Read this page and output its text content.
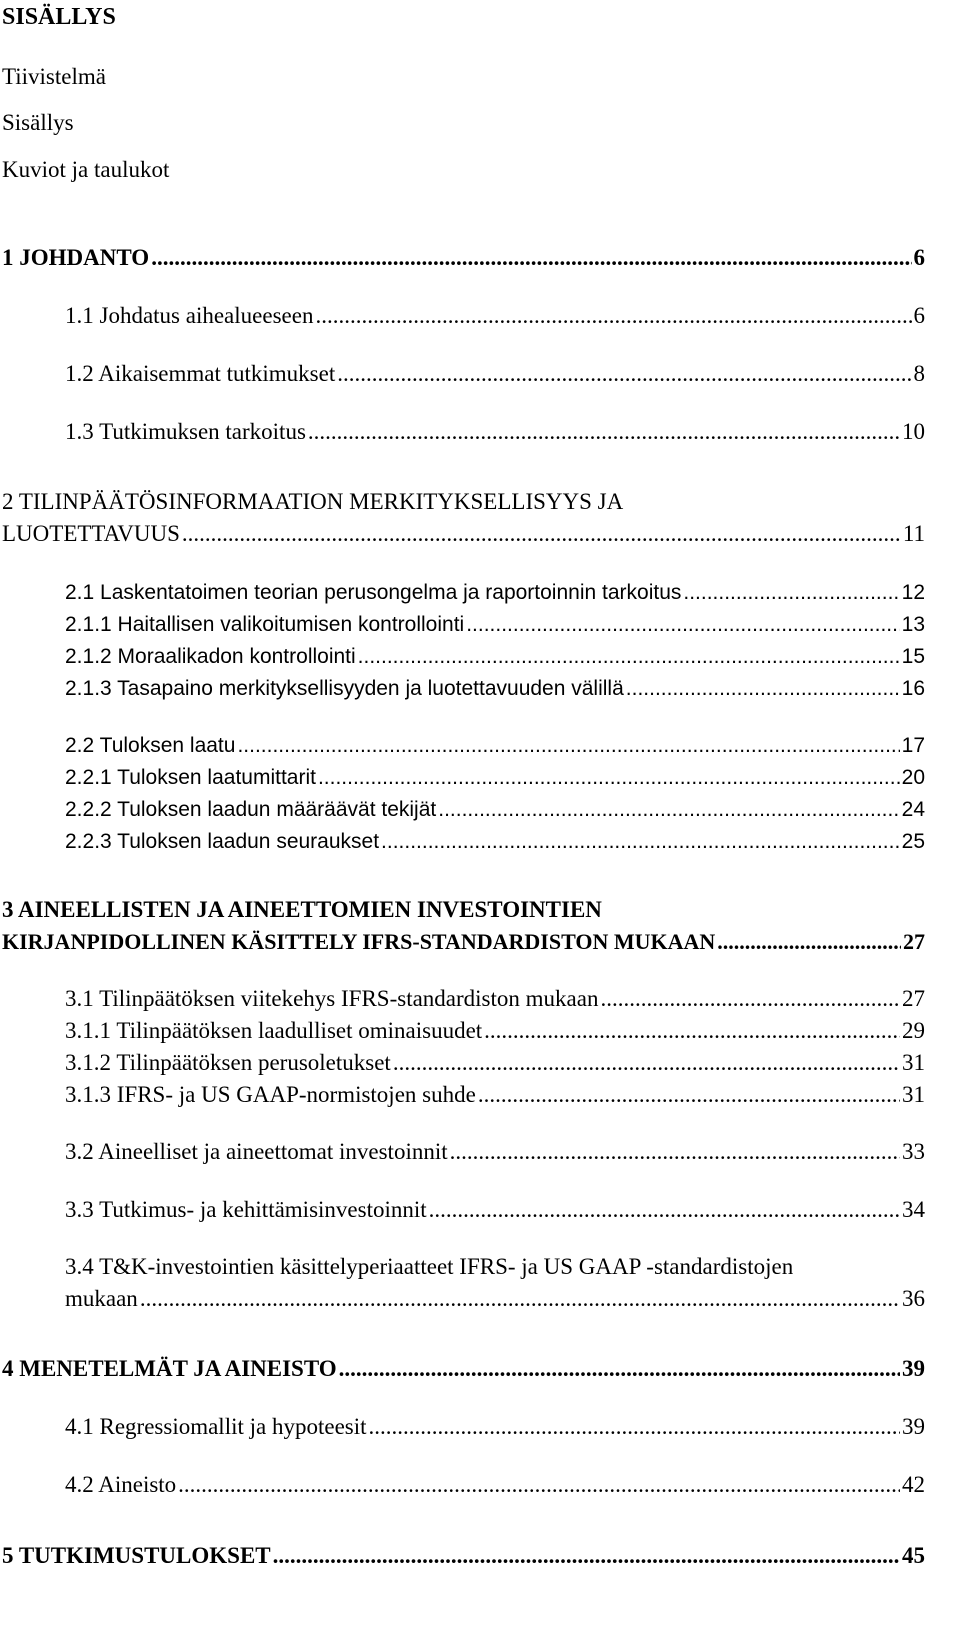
SISÄLLYS
Tiivistelmä
Sisällys
Kuviot ja taulukot
1 JOHDANTO .....	6
1.1 Johdatus aihealueeseen .....	6
1.2 Aikaisemmat tutkimukset .....	8
1.3 Tutkimuksen tarkoitus .....	10
2 TILINPÄÄTÖSINFORMAATION MERKITYKSELLISYYS JA
LUOTETTAVUUS .....	11
2.1 Laskentatoimen teorian perusongelma ja raportoinnin tarkoitus .....	12
2.1.1 Haitallisen valikoitumisen kontrollointi .....	13
2.1.2 Moraalikadon kontrollointi .....	15
2.1.3 Tasapaino merkityksellisyyden ja luotettavuuden välillä .....	16
2.2 Tuloksen laatu .....	17
2.2.1 Tuloksen laatumittarit .....	20
2.2.2 Tuloksen laadun määräävät tekijät .....	24
2.2.3 Tuloksen laadun seuraukset .....	25
3 AINEELLISTEN JA AINEETTOMIEN INVESTOINTIEN
KIRJANPIDOLLINEN KÄSITTELY IFRS-STANDARDISTON MUKAAN .....	27
3.1 Tilinpäätöksen viitekehys IFRS-standardiston mukaan .....	27
3.1.1 Tilinpäätöksen laadulliset ominaisuudet .....	29
3.1.2 Tilinpäätöksen perusoletukset .....	31
3.1.3 IFRS- ja US GAAP-normistojen suhde .....	31
3.2 Aineelliset ja aineettomat investoinnit .....	33
3.3 Tutkimus- ja kehittämisinvestoinnit .....	34
3.4 T&K-investointien käsittelyperiaatteet IFRS- ja US GAAP -standardistojen
mukaan .....	36
4 MENETELMÄT JA AINEISTO .....	39
4.1 Regressiomallit ja hypoteesit .....	39
4.2 Aineisto .....	42
5 TUTKIMUSTULOKSET .....	45
